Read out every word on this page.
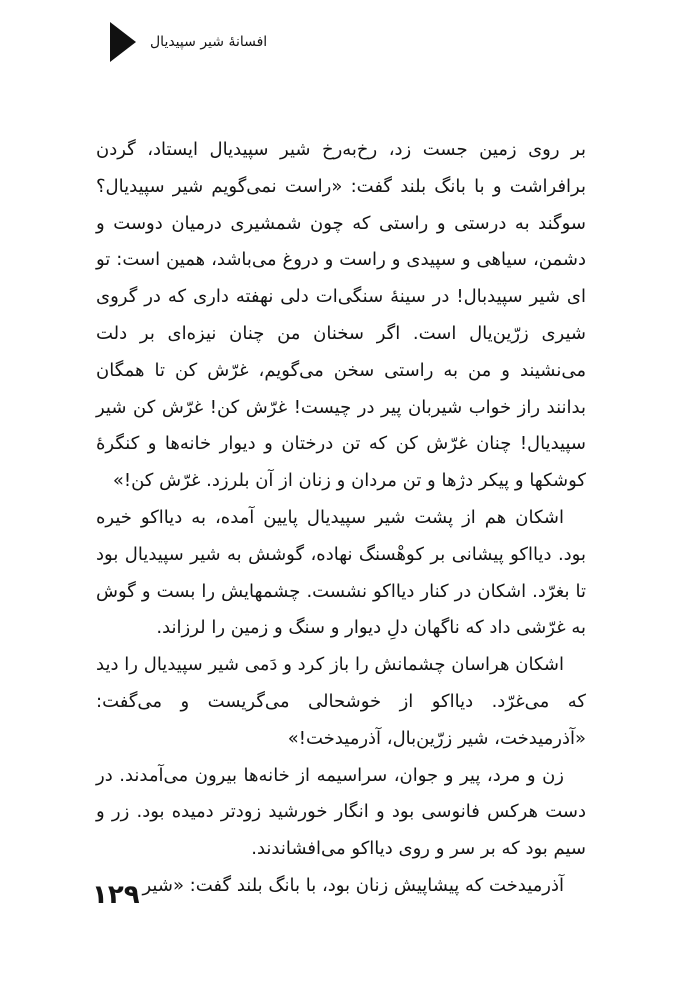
افسانۀ شیر سپیدیال

بر روی زمین جست زد، رخ‌به‌رخ شیر سپیدیال ایستاد، گردن برافراشت و با بانگ بلند گفت: «راست نمی‌گویم شیر سپیدیال؟ سوگند به درستی و راستی که چون شمشیری درمیان دوست و دشمن، سیاهی و سپیدی و راست و دروغ می‌باشد، همین است: تو ای شیر سپیدبال! در سینۀ سنگی‌ات دلی نهفته داری که در گروی شیری زرّین‌یال است. اگر سخنان من چنان نیزه‌ای بر دلت می‌نشیند و من به راستی سخن می‌گویم، غرّش کن تا همگان بدانند راز خواب شیربان پیر در چیست! غرّش کن! غرّش کن شیر سپیدیال! چنان غرّش کن که تن درختان و دیوار خانه‌ها و کنگرۀ کوشکها و پیکر دژها و تن مردان و زنان از آن بلرزد. غرّش کن!»

اشکان هم از پشت شیر سپیدیال پایین آمده، به دیااکو خیره بود. دیااکو پیشانی بر کوهْسنگ نهاده، گوشش به شیر سپیدیال بود تا بغرّد. اشکان در کنار دیااکو نشست. چشمهایش را بست و گوش به غرّشی داد که ناگهان دلِ دیوار و سنگ و زمین را لرزاند.

اشکان هراسان چشمانش را باز کرد و دَمی شیر سپیدیال را دید که می‌غرّد. دیااکو از خوشحالی می‌گریست و می‌گفت: «آذرمیدخت، شیر زرّین‌بال، آذرمیدخت!»

زن و مرد، پیر و جوان، سراسیمه از خانه‌ها بیرون می‌آمدند. در دست هرکس فانوسی بود و انگار خورشید زودتر دمیده بود. زر و سیم بود که بر سر و روی دیااکو می‌افشاندند.

آذرمیدخت که پیشاپیش زنان بود، با بانگ بلند گفت: «شیر

۱۲۹
